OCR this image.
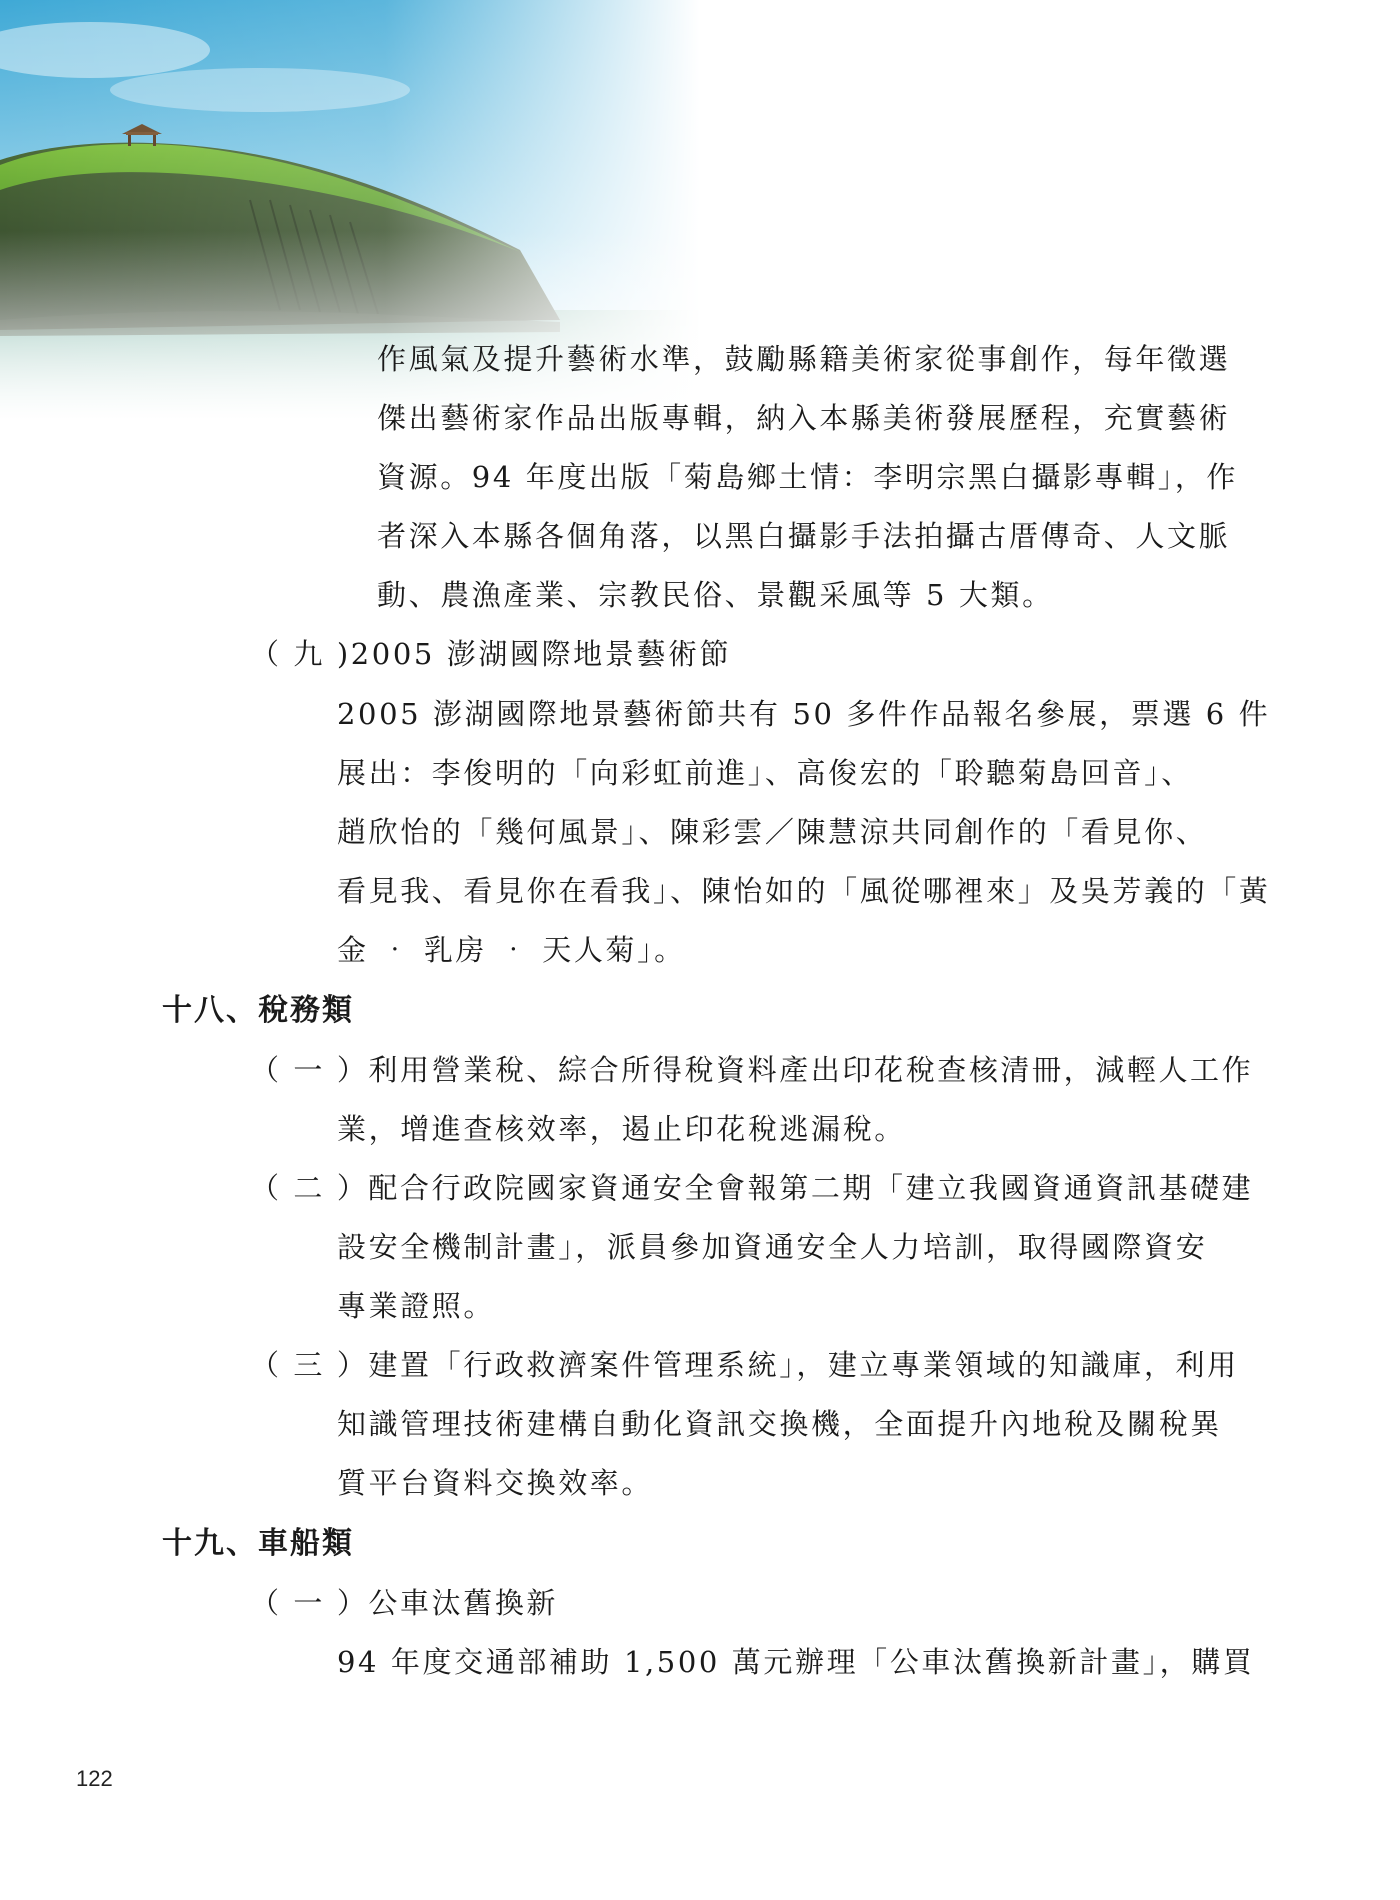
作風氣及提升藝術水準，鼓勵縣籍美術家從事創作，每年徵選
傑出藝術家作品出版專輯，納入本縣美術發展歷程，充實藝術
資源。94 年度出版「菊島鄉土情：李明宗黑白攝影專輯」，作
者深入本縣各個角落，以黑白攝影手法拍攝古厝傳奇、人文脈
動、農漁產業、宗教民俗、景觀采風等 5 大類。
（ 九 )2005 澎湖國際地景藝術節
2005 澎湖國際地景藝術節共有 50 多件作品報名參展，票選 6 件
展出：李俊明的「向彩虹前進」、高俊宏的「聆聽菊島回音」、
趙欣怡的「幾何風景」、陳彩雲／陳慧涼共同創作的「看見你、
看見我、看見你在看我」、陳怡如的「風從哪裡來」及吳芳義的「黃
金 ‧ 乳房 ‧ 天人菊」。
十八、稅務類
（ 一 ）利用營業稅、綜合所得稅資料產出印花稅查核清冊，減輕人工作
業，增進查核效率，遏止印花稅逃漏稅。
（ 二 ）配合行政院國家資通安全會報第二期「建立我國資通資訊基礎建
設安全機制計畫」，派員參加資通安全人力培訓，取得國際資安
專業證照。
（ 三 ）建置「行政救濟案件管理系統」，建立專業領域的知識庫，利用
知識管理技術建構自動化資訊交換機，全面提升內地稅及關稅異
質平台資料交換效率。
十九、車船類
（ 一 ）公車汰舊換新
94 年度交通部補助 1,500 萬元辦理「公車汰舊換新計畫」，購買
122
